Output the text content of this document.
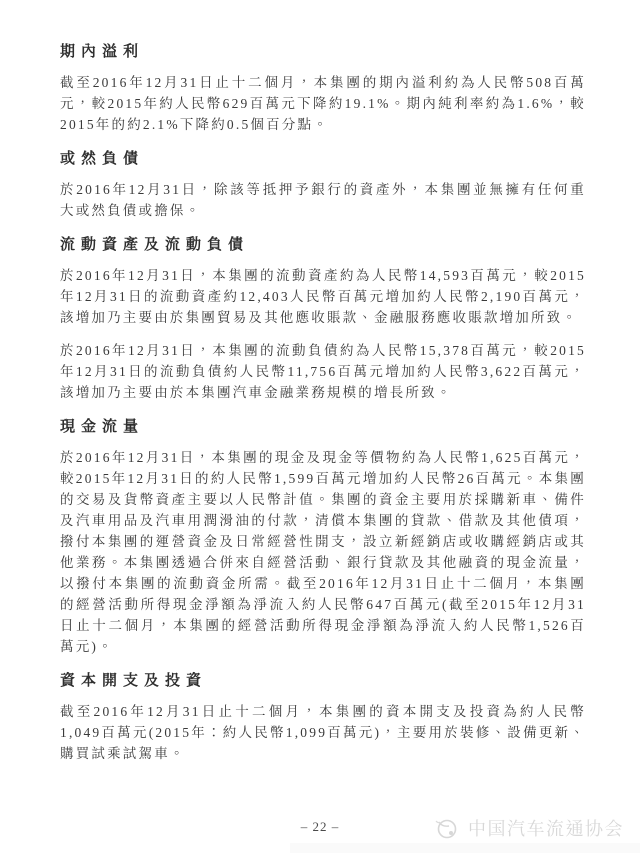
期內溢利

截至2016年12月31日止十二個月，本集團的期內溢利約為人民幣508百萬元，較2015年約人民幣629百萬元下降約19.1%。期內純利率約為1.6%，較2015年的約2.1%下降約0.5個百分點。

或然負債

於2016年12月31日，除該等抵押予銀行的資產外，本集團並無擁有任何重大或然負債或擔保。

流動資產及流動負債

於2016年12月31日，本集團的流動資產約為人民幣14,593百萬元，較2015年12月31日的流動資產約12,403人民幣百萬元增加約人民幣2,190百萬元，該增加乃主要由於集團貿易及其他應收賬款、金融服務應收賬款增加所致。

於2016年12月31日，本集團的流動負債約為人民幣15,378百萬元，較2015年12月31日的流動負債約人民幣11,756百萬元增加約人民幣3,622百萬元，該增加乃主要由於本集團汽車金融業務規模的增長所致。

現金流量

於2016年12月31日，本集團的現金及現金等價物約為人民幣1,625百萬元，較2015年12月31日的約人民幣1,599百萬元增加約人民幣26百萬元。本集團的交易及貨幣資產主要以人民幣計值。集團的資金主要用於採購新車、備件及汽車用品及汽車用潤滑油的付款，清償本集團的貸款、借款及其他債項，撥付本集團的運營資金及日常經營性開支，設立新經銷店或收購經銷店或其他業務。本集團透過合併來自經營活動、銀行貸款及其他融資的現金流量，以撥付本集團的流動資金所需。截至2016年12月31日止十二個月，本集團的經營活動所得現金淨額為淨流入約人民幣647百萬元(截至2015年12月31日止十二個月，本集團的經營活動所得現金淨額為淨流入約人民幣1,526百萬元)。

資本開支及投資

截至2016年12月31日止十二個月，本集團的資本開支及投資為約人民幣1,049百萬元(2015年：約人民幣1,099百萬元)，主要用於裝修、設備更新、購買試乘試駕車。

– 22 –	中国汽车流通协会
